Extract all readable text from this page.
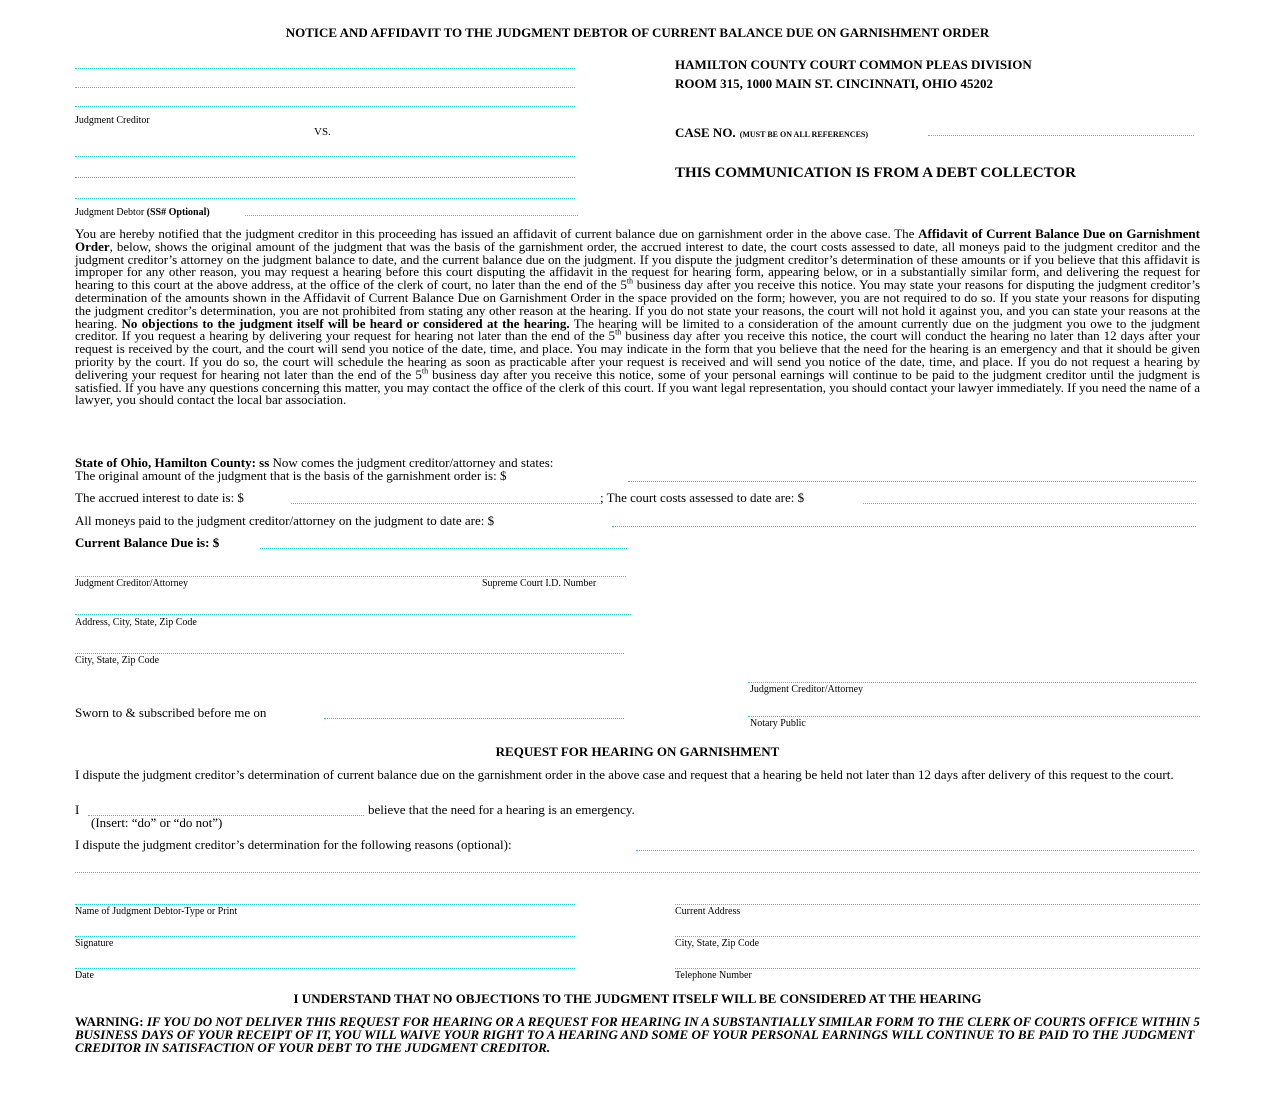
NOTICE AND AFFIDAVIT TO THE JUDGMENT DEBTOR OF CURRENT BALANCE DUE ON GARNISHMENT ORDER
Judgment Creditor
VS.
Judgment Debtor (SS# Optional)
HAMILTON COUNTY COURT COMMON PLEAS DIVISION
ROOM 315, 1000 MAIN ST. CINCINNATI, OHIO 45202
CASE NO. (MUST BE ON ALL REFERENCES)
THIS COMMUNICATION IS FROM A DEBT COLLECTOR
You are hereby notified that the judgment creditor in this proceeding has issued an affidavit of current balance due on garnishment order in the above case. The Affidavit of Current Balance Due on Garnishment Order, below, shows the original amount of the judgment that was the basis of the garnishment order, the accrued interest to date, the court costs assessed to date, all moneys paid to the judgment creditor and the judgment creditor’s attorney on the judgment balance to date, and the current balance due on the judgment. If you dispute the judgment creditor’s determination of these amounts or if you believe that this affidavit is improper for any other reason, you may request a hearing before this court disputing the affidavit in the request for hearing form, appearing below, or in a substantially similar form, and delivering the request for hearing to this court at the above address, at the office of the clerk of court, no later than the end of the 5th business day after you receive this notice. You may state your reasons for disputing the judgment creditor’s determination of the amounts shown in the Affidavit of Current Balance Due on Garnishment Order in the space provided on the form; however, you are not required to do so. If you state your reasons for disputing the judgment creditor’s determination, you are not prohibited from stating any other reason at the hearing. If you do not state your reasons, the court will not hold it against you, and you can state your reasons at the hearing. No objections to the judgment itself will be heard or considered at the hearing. The hearing will be limited to a consideration of the amount currently due on the judgment you owe to the judgment creditor. If you request a hearing by delivering your request for hearing not later than the end of the 5th business day after you receive this notice, the court will conduct the hearing no later than 12 days after your request is received by the court, and the court will send you notice of the date, time, and place. You may indicate in the form that you believe that the need for the hearing is an emergency and that it should be given priority by the court. If you do so, the court will schedule the hearing as soon as practicable after your request is received and will send you notice of the date, time, and place. If you do not request a hearing by delivering your request for hearing not later than the end of the 5th business day after you receive this notice, some of your personal earnings will continue to be paid to the judgment creditor until the judgment is satisfied. If you have any questions concerning this matter, you may contact the office of the clerk of this court. If you want legal representation, you should contact your lawyer immediately. If you need the name of a lawyer, you should contact the local bar association.
State of Ohio, Hamilton County: ss Now comes the judgment creditor/attorney and states:
The original amount of the judgment that is the basis of the garnishment order is: $
The accrued interest to date is: $	; The court costs assessed to date are: $
All moneys paid to the judgment creditor/attorney on the judgment to date are: $
Current Balance Due is: $
Judgment Creditor/Attorney	Supreme Court I.D. Number
Address, City, State, Zip Code
City, State, Zip Code
Judgment Creditor/Attorney
Sworn to & subscribed before me on
Notary Public
REQUEST FOR HEARING ON GARNISHMENT
I dispute the judgment creditor’s determination of current balance due on the garnishment order in the above case and request that a hearing be held not later than 12 days after delivery of this request to the court.
I	believe that the need for a hearing is an emergency.
(Insert: “do” or “do not”)
I dispute the judgment creditor’s determination for the following reasons (optional):
Name of Judgment Debtor-Type or Print	Current Address
Signature	City, State, Zip Code
Date	Telephone Number
I UNDERSTAND THAT NO OBJECTIONS TO THE JUDGMENT ITSELF WILL BE CONSIDERED AT THE HEARING
WARNING: IF YOU DO NOT DELIVER THIS REQUEST FOR HEARING OR A REQUEST FOR HEARING IN A SUBSTANTIALLY SIMILAR FORM TO THE CLERK OF COURTS OFFICE WITHIN 5 BUSINESS DAYS OF YOUR RECEIPT OF IT, YOU WILL WAIVE YOUR RIGHT TO A HEARING AND SOME OF YOUR PERSONAL EARNINGS WILL CONTINUE TO BE PAID TO THE JUDGMENT CREDITOR IN SATISFACTION OF YOUR DEBT TO THE JUDGMENT CREDITOR.
